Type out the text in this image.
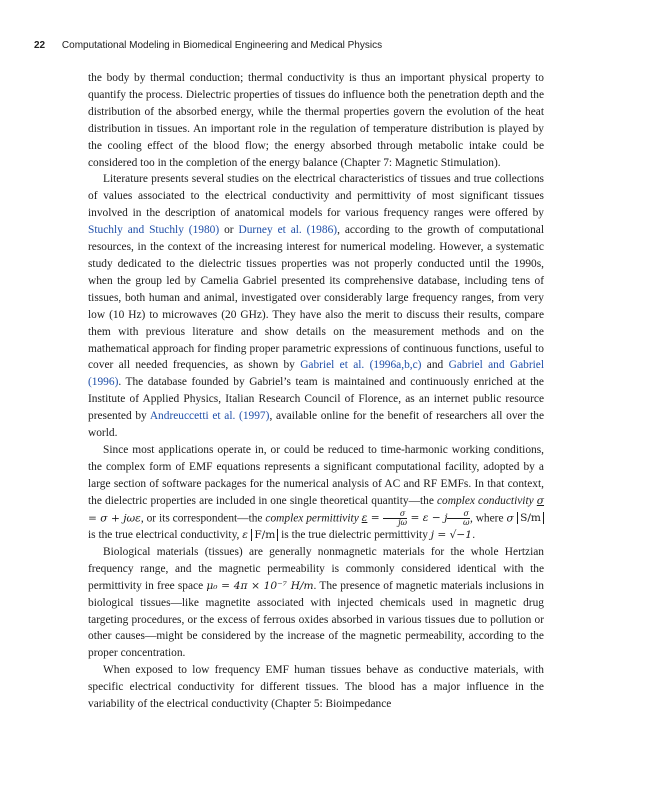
22 Computational Modeling in Biomedical Engineering and Medical Physics

the body by thermal conduction; thermal conductivity is thus an important physical property to quantify the process. Dielectric properties of tissues do influence both the penetration depth and the distribution of the absorbed energy, while the thermal properties govern the evolution of the heat distribution in tissues. An important role in the regulation of temperature distribution is played by the cooling effect of the blood flow; the energy absorbed through metabolic intake could be considered too in the completion of the energy balance (Chapter 7: Magnetic Stimulation).

Literature presents several studies on the electrical characteristics of tissues and true collections of values associated to the electrical conductivity and permittivity of most significant tissues involved in the description of anatomical models for various frequency ranges were offered by Stuchly and Stuchly (1980) or Durney et al. (1986), according to the growth of computational resources, in the context of the increasing interest for numerical modeling. However, a systematic study dedicated to the dielectric tissues properties was not properly conducted until the 1990s, when the group led by Camelia Gabriel presented its comprehensive database, including tens of tissues, both human and animal, investigated over considerably large frequency ranges, from very low (10 Hz) to microwaves (20 GHz). They have also the merit to discuss their results, compare them with previous literature and show details on the measurement methods and on the mathematical approach for finding proper parametric expressions of continuous functions, useful to cover all needed frequencies, as shown by Gabriel et al. (1996a,b,c) and Gabriel and Gabriel (1996). The database founded by Gabriel’s team is maintained and continuously enriched at the Institute of Applied Physics, Italian Research Council of Florence, as an internet public resource presented by Andreuccetti et al. (1997), available online for the benefit of researchers all over the world.

Since most applications operate in, or could be reduced to time-harmonic working conditions, the complex form of EMF equations represents a significant computational facility, adopted by a large section of software packages for the numerical analysis of AC and RF EMFs. In that context, the dielectric properties are included in one single theoretical quantity—the complex conductivity σ = σ + jωε, or its correspondent—the complex permittivity $\varepsilon = \frac{\sigma}{j\omega} = \varepsilon - j \frac{\sigma}{\omega}$ , where σ S/m is the true electrical conductivity, ε F/m is the true dielectric permittivity j = √−1.

Biological materials (tissues) are generally nonmagnetic materials for the whole Hertzian frequency range, and the magnetic permeability is commonly considered identical with the permittivity in free space μ₀ = 4π × 10⁻⁷ H/m. The presence of magnetic materials inclusions in biological tissues—like magnetite associated with injected chemicals used in magnetic drug targeting procedures, or the excess of ferrous oxides absorbed in various tissues due to pollution or other causes—might be considered by the increase of the magnetic permeability, according to the proper concentration.

When exposed to low frequency EMF human tissues behave as conductive materials, with specific electrical conductivity for different tissues. The blood has a major influence in the variability of the electrical conductivity (Chapter 5: Bioimpedance
